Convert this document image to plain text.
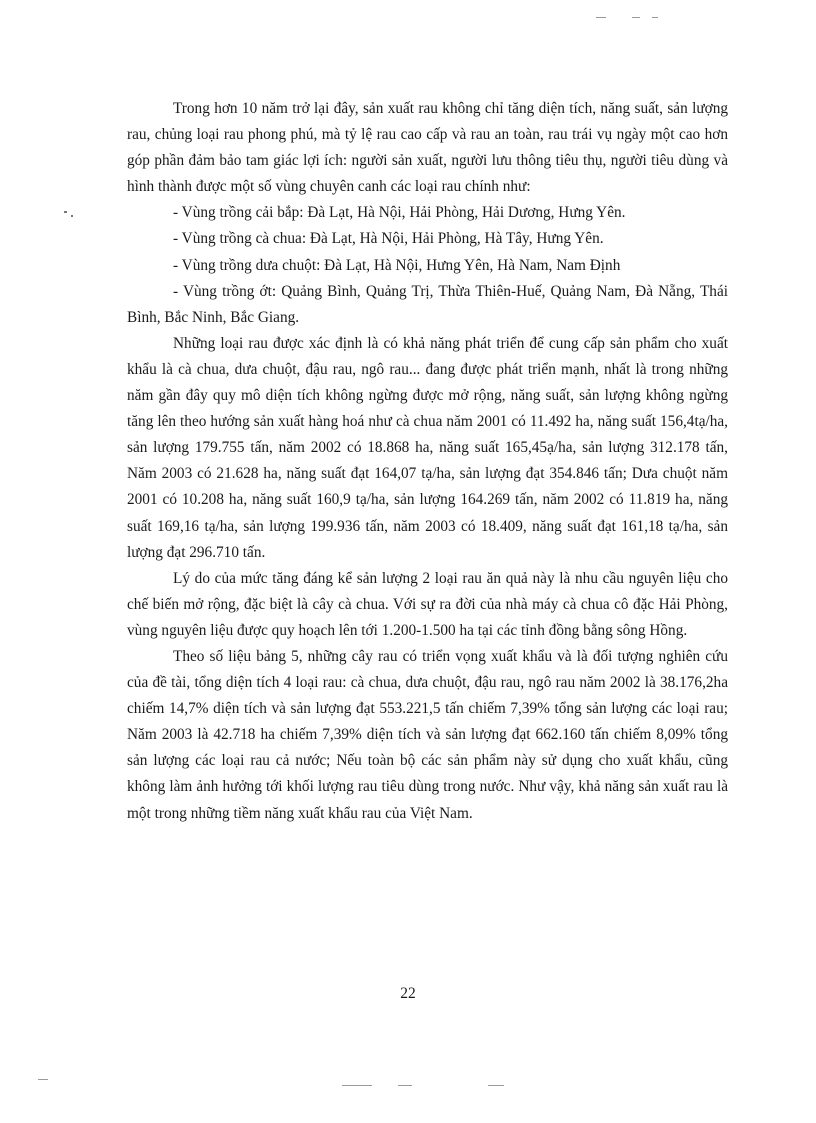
Trong hơn 10 năm trở lại đây, sản xuất rau không chỉ tăng diện tích, năng suất, sản lượng rau, chủng loại rau phong phú, mà tỷ lệ rau cao cấp và rau an toàn, rau trái vụ ngày một cao hơn góp phần đảm bảo tam giác lợi ích: người sản xuất, người lưu thông tiêu thụ, người tiêu dùng và hình thành được một số vùng chuyên canh các loại rau chính như:

- Vùng trồng cải bắp: Đà Lạt, Hà Nội, Hải Phòng, Hải Dương, Hưng Yên.

- Vùng trồng cà chua: Đà Lạt, Hà Nội, Hải Phòng, Hà Tây, Hưng Yên.

- Vùng trồng dưa chuột: Đà Lạt, Hà Nội, Hưng Yên, Hà Nam, Nam Định

- Vùng trồng ớt: Quảng Bình, Quảng Trị, Thừa Thiên-Huế, Quảng Nam, Đà Nẵng, Thái Bình, Bắc Ninh, Bắc Giang.

Những loại rau được xác định là có khả năng phát triển để cung cấp sản phẩm cho xuất khẩu là cà chua, dưa chuột, đậu rau, ngô rau... đang được phát triển mạnh, nhất là trong những năm gần đây quy mô diện tích không ngừng được mở rộng, năng suất, sản lượng không ngừng tăng lên theo hướng sản xuất hàng hoá như cà chua năm 2001 có 11.492 ha, năng suất 156,4tạ/ha, sản lượng 179.755 tấn, năm 2002 có 18.868 ha, năng suất 165,45ạ/ha, sản lượng 312.178 tấn, Năm 2003 có 21.628 ha, năng suất đạt 164,07 tạ/ha, sản lượng đạt 354.846 tấn; Dưa chuột năm 2001 có 10.208 ha, năng suất 160,9 tạ/ha, sản lượng 164.269 tấn, năm 2002 có 11.819 ha, năng suất 169,16 tạ/ha, sản lượng 199.936 tấn, năm 2003 có 18.409, năng suất đạt 161,18 tạ/ha, sản lượng đạt 296.710 tấn.

Lý do của mức tăng đáng kể sản lượng 2 loại rau ăn quả này là nhu cầu nguyên liệu cho chế biến mở rộng, đặc biệt là cây cà chua. Với sự ra đời của nhà máy cà chua cô đặc Hải Phòng, vùng nguyên liệu được quy hoạch lên tới 1.200-1.500 ha tại các tỉnh đồng bằng sông Hồng.

Theo số liệu bảng 5, những cây rau có triển vọng xuất khẩu và là đối tượng nghiên cứu của đề tài, tổng diện tích 4 loại rau: cà chua, dưa chuột, đậu rau, ngô rau năm 2002 là 38.176,2ha chiếm 14,7% diện tích và sản lượng đạt 553.221,5 tấn chiếm 7,39% tổng sản lượng các loại rau; Năm 2003 là 42.718 ha chiếm 7,39% diện tích và sản lượng đạt 662.160 tấn chiếm 8,09% tổng sản lượng các loại rau cả nước; Nếu toàn bộ các sản phẩm này sử dụng cho xuất khẩu, cũng không làm ảnh hưởng tới khối lượng rau tiêu dùng trong nước. Như vậy, khả năng sản xuất rau là một trong những tiềm năng xuất khẩu rau của Việt Nam.

22
